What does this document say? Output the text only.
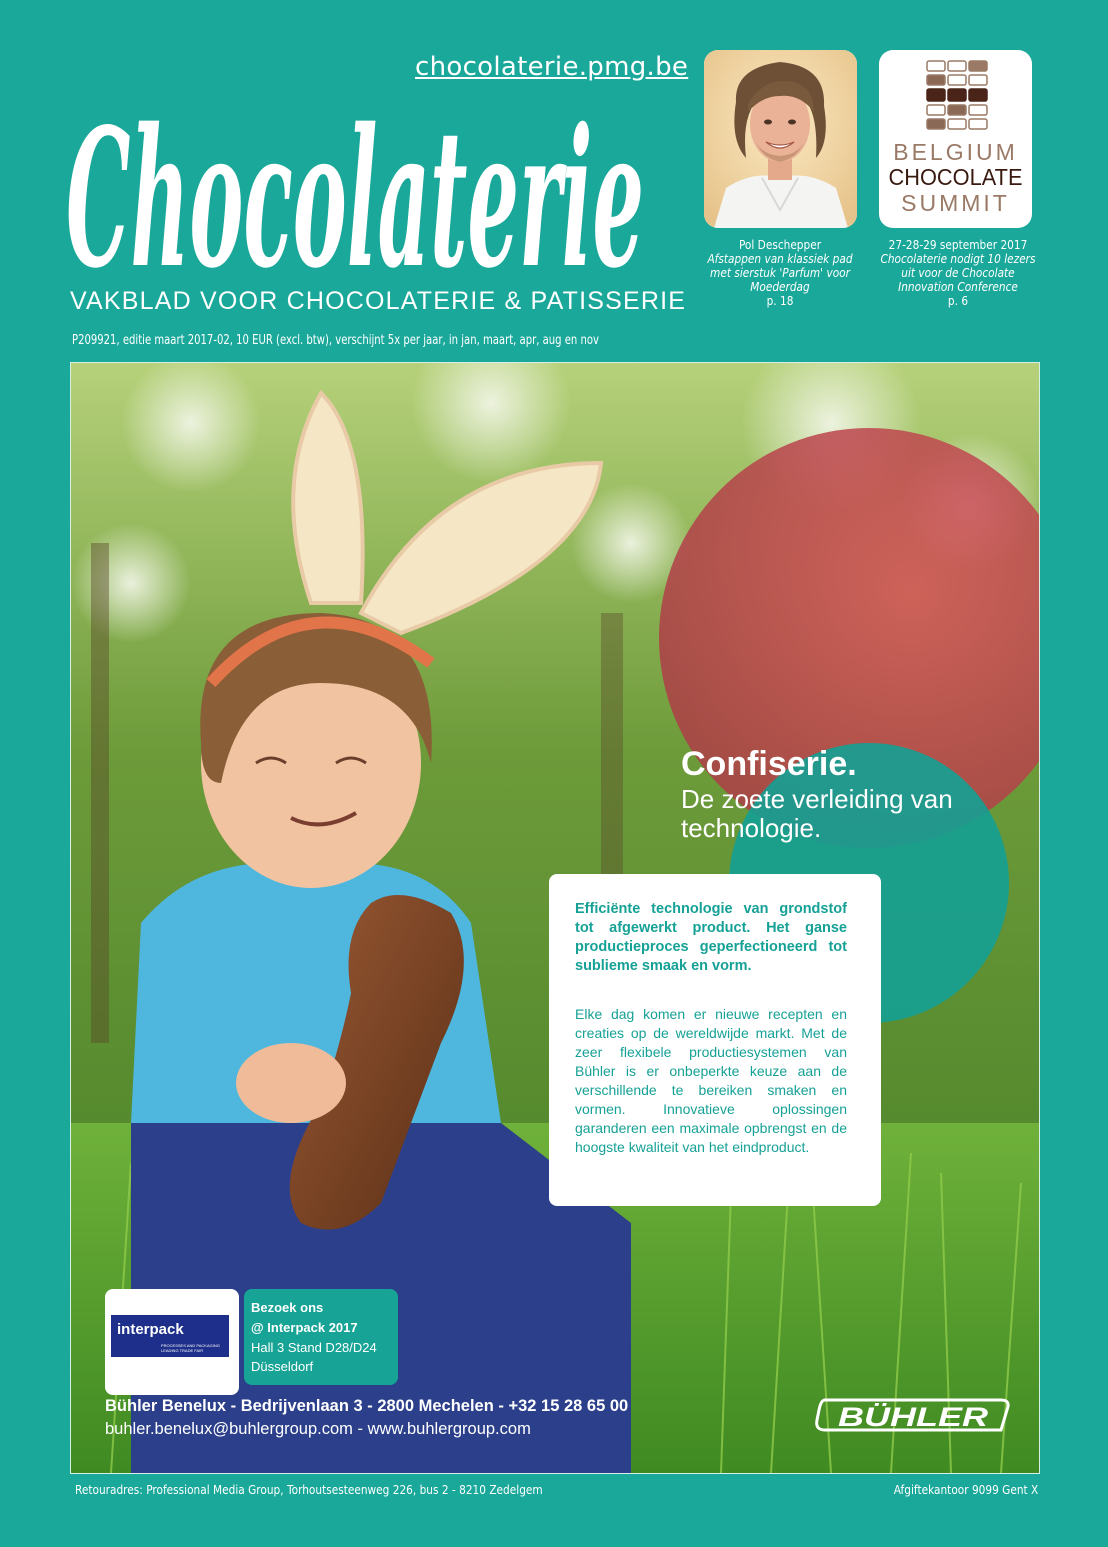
chocolaterie.pmg.be
Chocolaterie
VAKBLAD VOOR CHOCOLATERIE & PATISSERIE
P209921, editie maart 2017-02, 10 EUR (excl. btw), verschijnt 5x per jaar, in jan, maart, apr, aug en nov
Pol Deschepper
Afstappen van klassiek pad
met sierstuk 'Parfum' voor
Moederdag
p. 18
BELGIUM
CHOCOLATE
SUMMIT
27-28-29 september 2017
Chocolaterie nodigt 10 lezers
uit voor de Chocolate
Innovation Conference
p. 6
Confiserie.
De zoete verleiding van technologie.
Efficiënte technologie van grondstof tot afgewerkt product. Het ganse productieproces geperfectioneerd tot sublieme smaak en vorm.
Elke dag komen er nieuwe recepten en creaties op de wereldwijde markt. Met de zeer flexibele productiesystemen van Bühler is er onbeperkte keuze aan de verschillende te bereiken smaken en vormen. Innovatieve oplossingen garanderen een maximale opbrengst en de hoogste kwaliteit van het eindproduct.
interpack
PROCESSES AND PACKAGING LEADING TRADE FAIR
Bezoek ons
@ Interpack 2017
Hall 3 Stand D28/D24
Düsseldorf
Bühler Benelux - Bedrijvenlaan 3 - 2800 Mechelen - +32 15 28 65 00
buhler.benelux@buhlergroup.com - www.buhlergroup.com	BÜHLER
Retouradres: Professional Media Group, Torhoutsesteenweg 226, bus 2 - 8210 Zedelgem	Afgiftekantoor 9099 Gent X
